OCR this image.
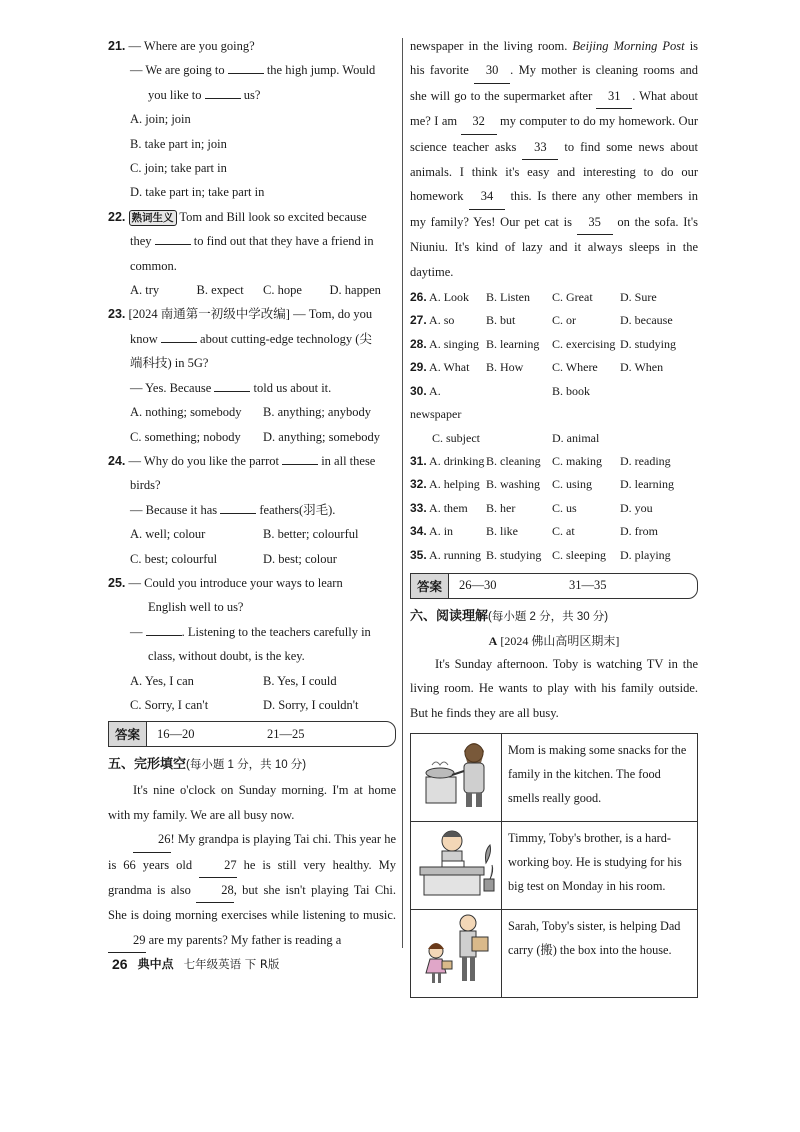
21. — Where are you going?
— We are going to	the high jump. Would
you like to	us?
A. join; join
B. take part in; join
C. join; take part in
D. take part in; take part in
22. 熟词生义 Tom and Bill look so excited because
they	to find out that they have a friend in
common.
A. try	B. expect	C. hope	D. happen
23. [2024 南通第一初级中学改编] — Tom, do you
know	about cutting-edge technology (尖
端科技) in 5G?
— Yes. Because	told us about it.
A. nothing; somebody	B. anything; anybody
C. something; nobody	D. anything; somebody
24. — Why do you like the parrot	in all these
birds?
— Because it has	feathers(羽毛).
A. well; colour	B. better; colourful
C. best; colourful	D. best; colour
25. — Could you introduce your ways to learn
English well to us?
—	. Listening to the teachers carefully in
class, without doubt, is the key.
A. Yes, I can	B. Yes, I could
C. Sorry, I can't	D. Sorry, I couldn't
答案	16—20	21—25
五、完形填空(每小题 1 分，共 10 分)
It's nine o'clock on Sunday morning. I'm at home with my family. We are all busy now.
26! My grandpa is playing Tai chi. This year he is 66 years old	27 he is still very healthy. My grandma is also 28, but she isn't playing Tai Chi. She is doing morning exercises while listening to music. 29 are my parents? My father is reading a
newspaper in the living room. Beijing Morning Post is his favorite 30 . My mother is cleaning rooms and she will go to the supermarket after 31 . What about me? I am 32 my computer to do my homework. Our science teacher asks 33 to find some news about animals. I think it's easy and interesting to do our homework 34 this. Is there any other members in my family? Yes! Our pet cat is 35 on the sofa. It's Niuniu. It's kind of lazy and it always sleeps in the daytime.
26. A. Look	B. Listen	C. Great	D. Sure
27. A. so	B. but	C. or	D. because
28. A. singing B. learning	C. exercising D. studying
29. A. What	B. How	C. Where	D. When
30. A. newspaper
B. book
C. subject	D. animal
31. A. drinking B. cleaning C. making	D. reading
32. A. helping B. washing	C. using	D. learning
33. A. them	B. her	C. us	D. you
34. A. in	B. like	C. at	D. from
35. A. running B. studying C. sleeping	D. playing
答案	26—30	31—35
六、阅读理解(每小题 2 分，共 30 分)
A [2024 佛山高明区期末]
It's Sunday afternoon. Toby is watching TV in the living room. He wants to play with his family outside. But he finds they are all busy.
	Mom is making some snacks for the family in the kitchen. The food smells really good.
	Timmy, Toby's brother, is a hard-working boy. He is studying for his big test on Monday in his room.
	Sarah, Toby's sister, is helping Dad carry (搬) the box into the house.
26 典中点 七年级英语 下 R版
